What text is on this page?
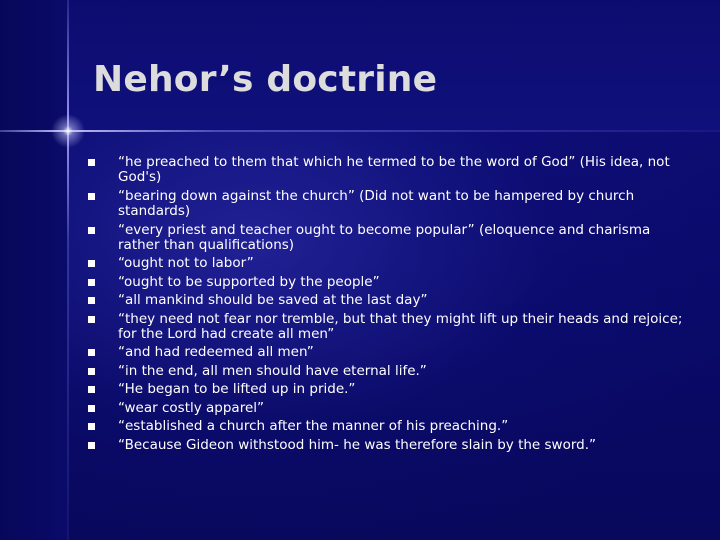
Nehor’s doctrine
“he preached to them that which he termed to be the word of God” (His idea, not God's)
“bearing down against the church” (Did not want to be hampered by church standards)
“every priest and teacher ought to become popular” (eloquence and charisma rather than qualifications)
“ought not to labor”
“ought to be supported by the people”
“all mankind should be saved at the last day”
“they need not fear nor tremble, but that they might lift up their heads and rejoice; for the Lord had create all men”
“and had redeemed all men”
“in the end, all men should have eternal life.”
“He began to be lifted up in pride.”
“wear costly apparel”
“established a church after the manner of his preaching.”
“Because Gideon withstood him- he was therefore slain by the sword.”
